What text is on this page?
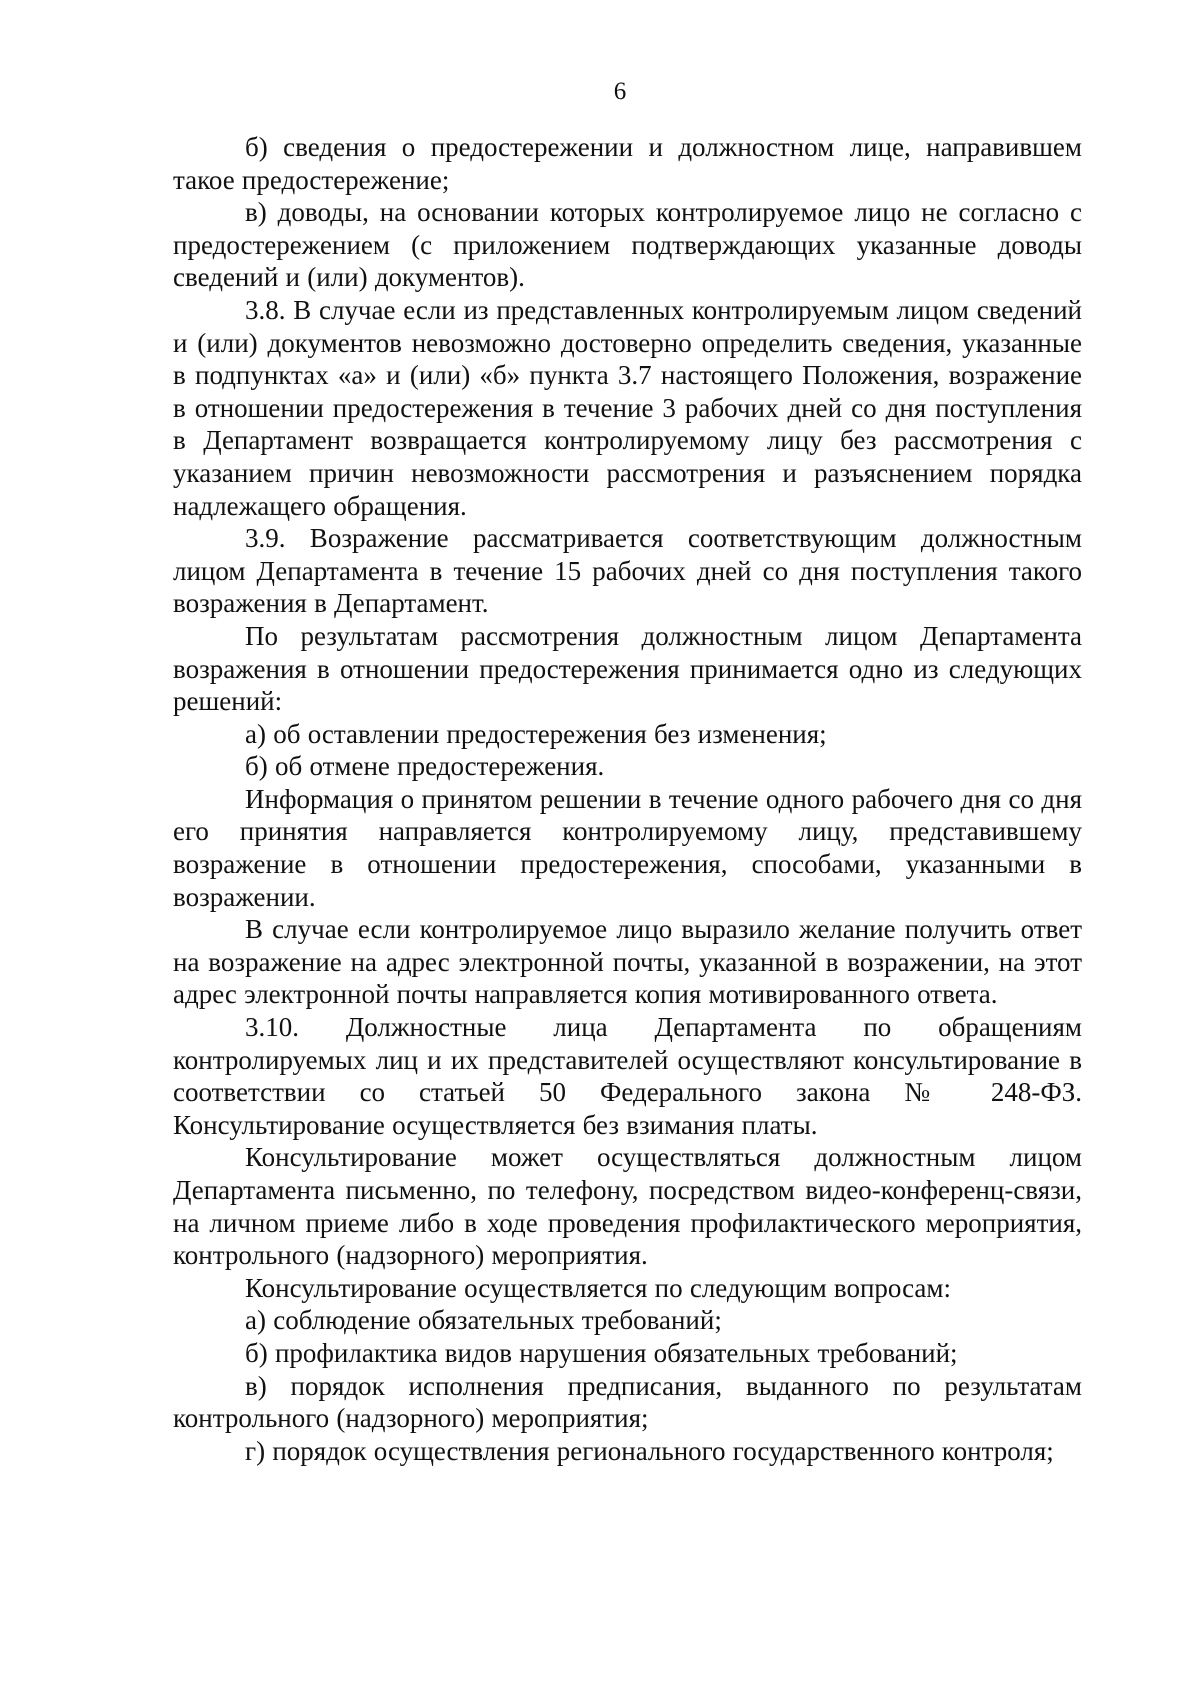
6

б) сведения о предостережении и должностном лице, направившем такое предостережение;

в) доводы, на основании которых контролируемое лицо не согласно с предостережением (с приложением подтверждающих указанные доводы сведений и (или) документов).

3.8. В случае если из представленных контролируемым лицом сведений и (или) документов невозможно достоверно определить сведения, указанные в подпунктах «а» и (или) «б» пункта 3.7 настоящего Положения, возражение в отношении предостережения в течение 3 рабочих дней со дня поступления в Департамент возвращается контролируемому лицу без рассмотрения с указанием причин невозможности рассмотрения и разъяснением порядка надлежащего обращения.

3.9. Возражение рассматривается соответствующим должностным лицом Департамента в течение 15 рабочих дней со дня поступления такого возражения в Департамент.

По результатам рассмотрения должностным лицом Департамента возражения в отношении предостережения принимается одно из следующих решений:

а) об оставлении предостережения без изменения;

б) об отмене предостережения.

Информация о принятом решении в течение одного рабочего дня со дня его принятия направляется контролируемому лицу, представившему возражение в отношении предостережения, способами, указанными в возражении.

В случае если контролируемое лицо выразило желание получить ответ на возражение на адрес электронной почты, указанной в возражении, на этот адрес электронной почты направляется копия мотивированного ответа.

3.10. Должностные лица Департамента по обращениям контролируемых лиц и их представителей осуществляют консультирование в соответствии со статьей 50 Федерального закона № 248-ФЗ. Консультирование осуществляется без взимания платы.

Консультирование может осуществляться должностным лицом Департамента письменно, по телефону, посредством видео-конференц-связи, на личном приеме либо в ходе проведения профилактического мероприятия, контрольного (надзорного) мероприятия.

Консультирование осуществляется по следующим вопросам:

а) соблюдение обязательных требований;

б) профилактика видов нарушения обязательных требований;

в) порядок исполнения предписания, выданного по результатам контрольного (надзорного) мероприятия;

г) порядок осуществления регионального государственного контроля;
